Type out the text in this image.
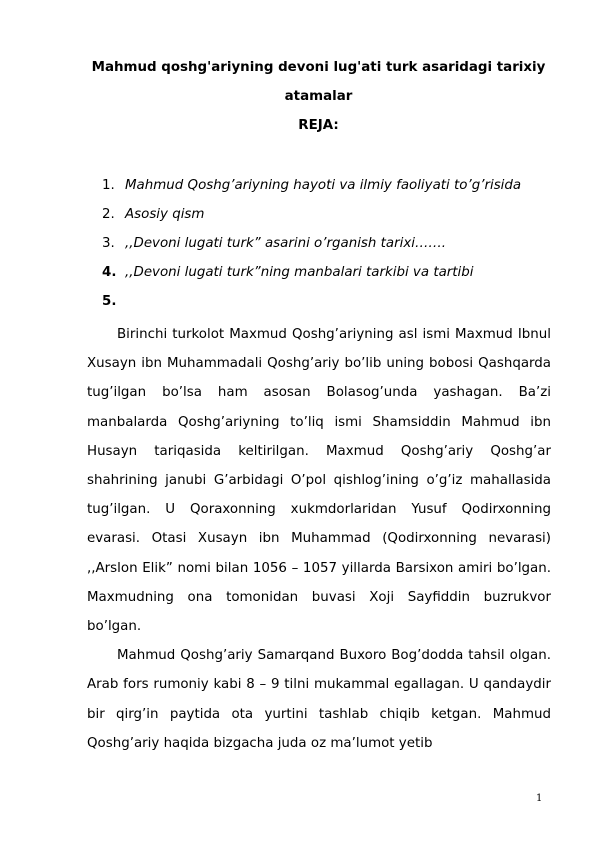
Mahmud qoshg'ariyning devoni lug'ati turk asaridagi tarixiy
atamalar
REJA:
1. Mahmud Qoshg’ariyning hayoti va ilmiy faoliyati to’g’risida
2. Asosiy qism
3. ,,Devoni lugati turk” asarini o’rganish tarixi…….
4. ,,Devoni lugati turk”ning manbalari tarkibi va tartibi
5.

Birinchi turkolot Maxmud Qoshg’ariyning asl ismi Maxmud Ibnul Xusayn ibn Muhammadali Qoshg’ariy bo’lib uning bobosi Qashqarda tug’ilgan bo’lsa ham asosan Bolasog’unda yashagan. Ba’zi manbalarda Qoshg’ariyning to’liq ismi Shamsiddin Mahmud ibn Husayn tariqasida keltirilgan. Maxmud Qoshg’ariy Qoshg’ar shahrining janubi G’arbidagi O’pol qishlog’ining o’g’iz mahallasida tug’ilgan. U Qoraxonning xukmdorlaridan Yusuf Qodirxonning evarasi. Otasi Xusayn ibn Muhammad (Qodirxonning nevarasi) ,,Arslon Elik” nomi bilan 1056 – 1057 yillarda Barsixon amiri bo’lgan. Maxmudning ona tomonidan buvasi Xoji Sayfiddin buzrukvor bo’lgan.

Mahmud Qoshg’ariy Samarqand Buxoro Bog’dodda tahsil olgan. Arab fors rumoniy kabi 8 – 9 tilni mukammal egallagan. U qandaydir bir qirg’in paytida ota yurtini tashlab chiqib ketgan. Mahmud Qoshg’ariy haqida bizgacha juda oz ma’lumot yetib

1
